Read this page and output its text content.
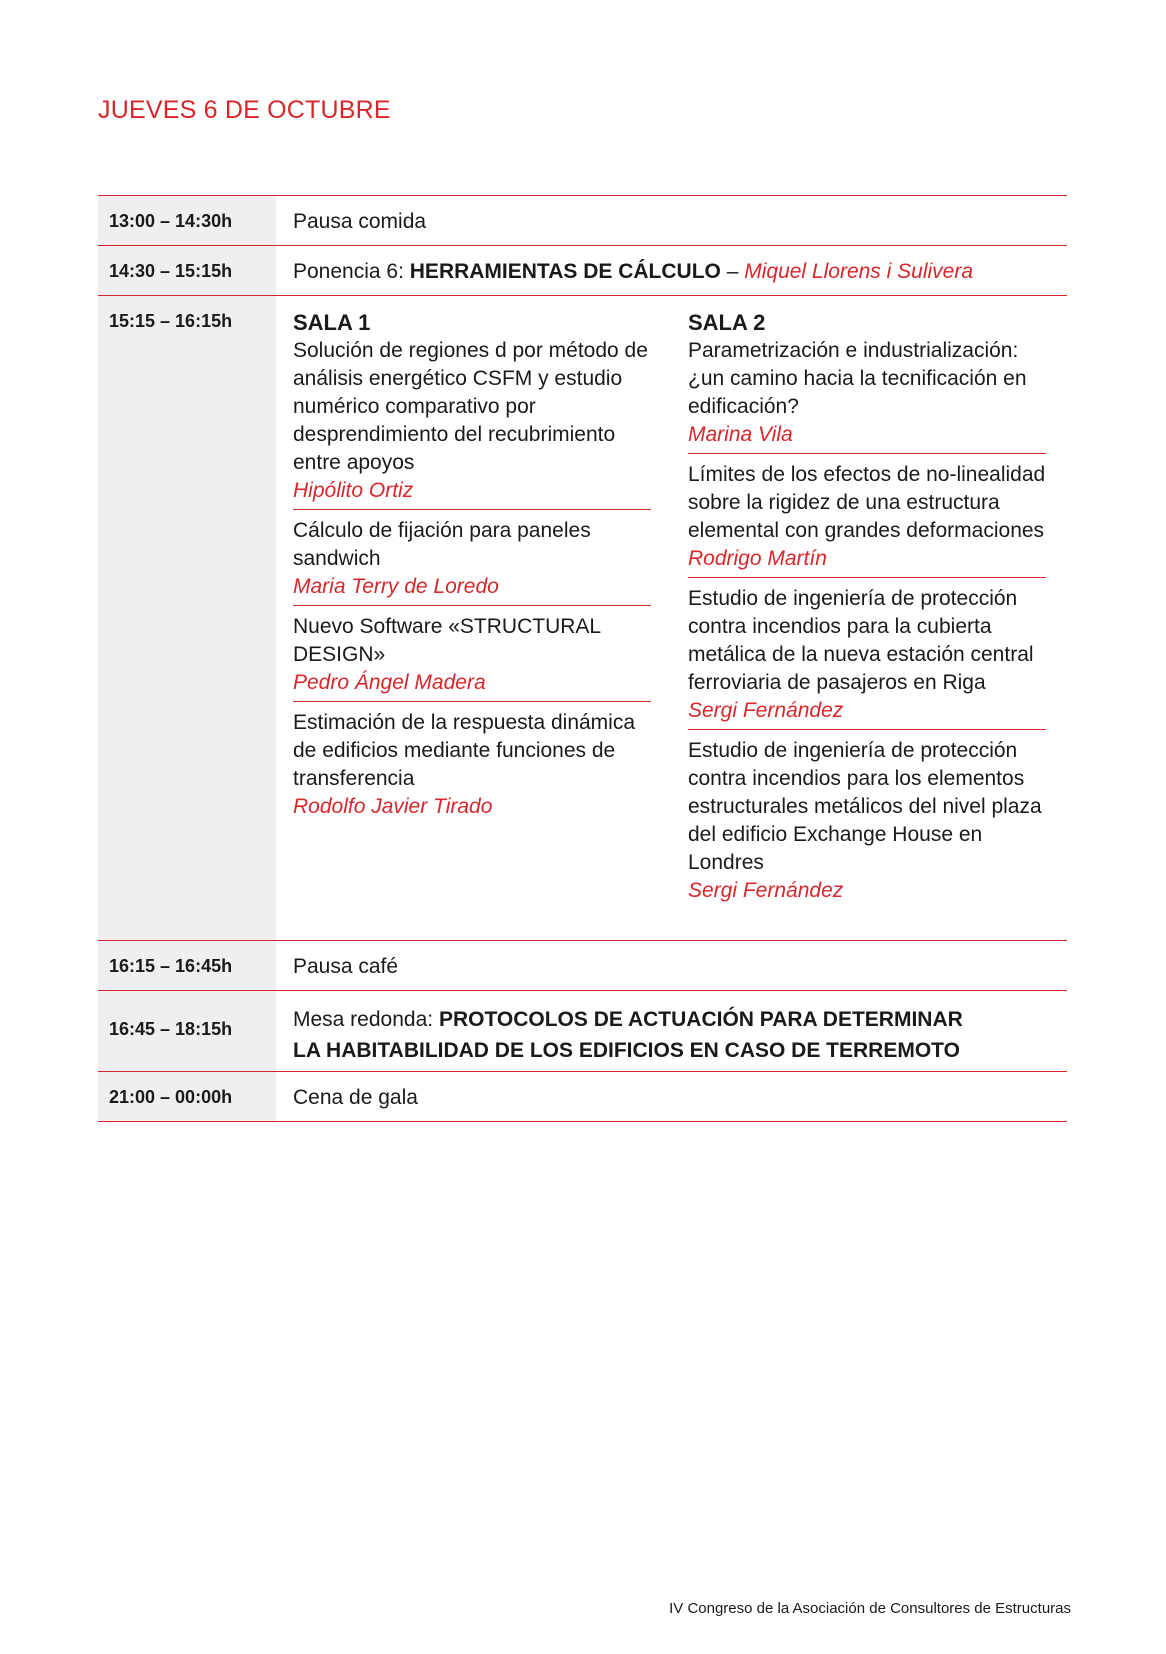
JUEVES 6 DE OCTUBRE
13:00 – 14:30h	Pausa comida
14:30 – 15:15h	Ponencia 6: HERRAMIENTAS DE CÁLCULO – Miquel Llorens i Sulivera
15:15 – 16:15h	SALA 1
Solución de regiones d por método de análisis energético CSFM y estudio numérico comparativo por desprendimiento del recubrimiento entre apoyos
Hipólito Ortiz
Cálculo de fijación para paneles sandwich
Maria Terry de Loredo
Nuevo Software «STRUCTURAL DESIGN»
Pedro Ángel Madera
Estimación de la respuesta dinámica de edificios mediante funciones de transferencia
Rodolfo Javier Tirado
SALA 2
Parametrización e industrialización: ¿un camino hacia la tecnificación en edificación?
Marina Vila
Límites de los efectos de no-linealidad sobre la rigidez de una estructura elemental con grandes deformaciones
Rodrigo Martín
Estudio de ingeniería de protección contra incendios para la cubierta metálica de la nueva estación central ferroviaria de pasajeros en Riga
Sergi Fernández
Estudio de ingeniería de protección contra incendios para los elementos estructurales metálicos del nivel plaza del edificio Exchange House en Londres
Sergi Fernández
16:15 – 16:45h	Pausa café
16:45 – 18:15h	Mesa redonda: PROTOCOLOS DE ACTUACIÓN PARA DETERMINAR
LA HABITABILIDAD DE LOS EDIFICIOS EN CASO DE TERREMOTO
21:00 – 00:00h	Cena de gala
IV Congreso de la Asociación de Consultores de Estructuras
